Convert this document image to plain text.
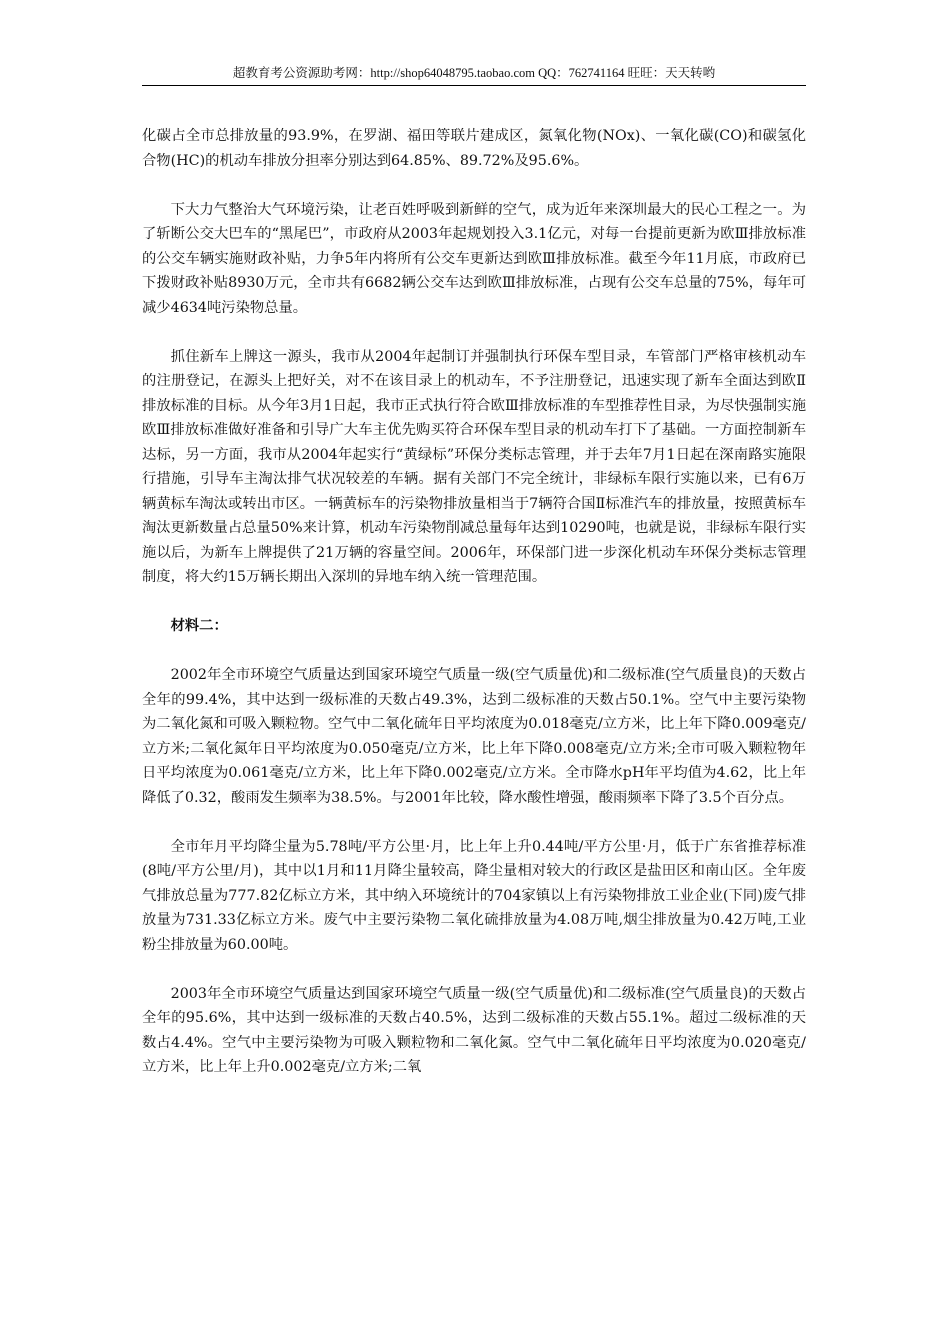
超教育考公资源助考网：http://shop64048795.taobao.com QQ：762741164 旺旺：天天转哟

化碳占全市总排放量的93.9%，在罗湖、福田等联片建成区，氮氧化物(NOx)、一氧化碳(CO)和碳氢化合物(HC)的机动车排放分担率分别达到64.85%、89.72%及95.6%。

下大力气整治大气环境污染，让老百姓呼吸到新鲜的空气，成为近年来深圳最大的民心工程之一。为了斩断公交大巴车的“黑尾巴”，市政府从2003年起规划投入3.1亿元，对每一台提前更新为欧Ⅲ排放标准的公交车辆实施财政补贴，力争5年内将所有公交车更新达到欧Ⅲ排放标准。截至今年11月底，市政府已下拨财政补贴8930万元，全市共有6682辆公交车达到欧Ⅲ排放标准，占现有公交车总量的75%，每年可减少4634吨污染物总量。

抓住新车上牌这一源头，我市从2004年起制订并强制执行环保车型目录，车管部门严格审核机动车的注册登记，在源头上把好关，对不在该目录上的机动车，不予注册登记，迅速实现了新车全面达到欧Ⅱ排放标准的目标。从今年3月1日起，我市正式执行符合欧Ⅲ排放标准的车型推荐性目录，为尽快强制实施欧Ⅲ排放标准做好准备和引导广大车主优先购买符合环保车型目录的机动车打下了基础。一方面控制新车达标，另一方面，我市从2004年起实行“黄绿标”环保分类标志管理，并于去年7月1日起在深南路实施限行措施，引导车主淘汰排气状况较差的车辆。据有关部门不完全统计，非绿标车限行实施以来，已有6万辆黄标车淘汰或转出市区。一辆黄标车的污染物排放量相当于7辆符合国Ⅱ标准汽车的排放量，按照黄标车淘汰更新数量占总量50%来计算，机动车污染物削减总量每年达到10290吨，也就是说，非绿标车限行实施以后，为新车上牌提供了21万辆的容量空间。2006年，环保部门进一步深化机动车环保分类标志管理制度，将大约15万辆长期出入深圳的异地车纳入统一管理范围。

材料二：

2002年全市环境空气质量达到国家环境空气质量一级(空气质量优)和二级标准(空气质量良)的天数占全年的99.4%，其中达到一级标准的天数占49.3%，达到二级标准的天数占50.1%。空气中主要污染物为二氧化氮和可吸入颗粒物。空气中二氧化硫年日平均浓度为0.018毫克/立方米，比上年下降0.009毫克/立方米;二氧化氮年日平均浓度为0.050毫克/立方米，比上年下降0.008毫克/立方米;全市可吸入颗粒物年日平均浓度为0.061毫克/立方米，比上年下降0.002毫克/立方米。全市降水pH年平均值为4.62，比上年降低了0.32，酸雨发生频率为38.5%。与2001年比较，降水酸性增强，酸雨频率下降了3.5个百分点。

全市年月平均降尘量为5.78吨/平方公里·月，比上年上升0.44吨/平方公里·月，低于广东省推荐标准(8吨/平方公里/月)，其中以1月和11月降尘量较高，降尘量相对较大的行政区是盐田区和南山区。全年废气排放总量为777.82亿标立方米，其中纳入环境统计的704家镇以上有污染物排放工业企业(下同)废气排放量为731.33亿标立方米。废气中主要污染物二氧化硫排放量为4.08万吨,烟尘排放量为0.42万吨,工业粉尘排放量为60.00吨。

2003年全市环境空气质量达到国家环境空气质量一级(空气质量优)和二级标准(空气质量良)的天数占全年的95.6%，其中达到一级标准的天数占40.5%，达到二级标准的天数占55.1%。超过二级标准的天数占4.4%。空气中主要污染物为可吸入颗粒物和二氧化氮。空气中二氧化硫年日平均浓度为0.020毫克/立方米，比上年上升0.002毫克/立方米;二氧
